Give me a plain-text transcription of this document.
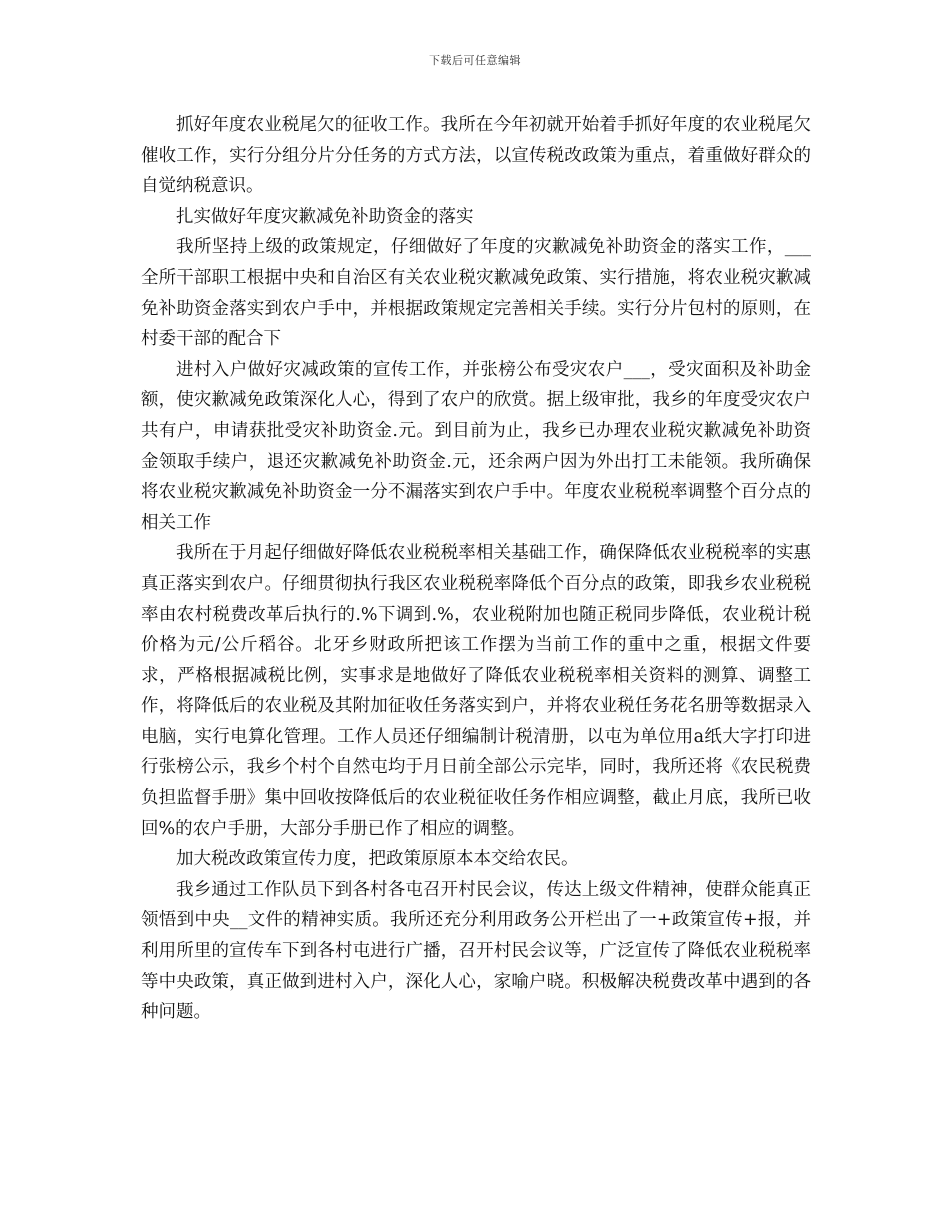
下载后可任意编辑

抓好年度农业税尾欠的征收工作。我所在今年初就开始着手抓好年度的农业税尾欠催收工作，实行分组分片分任务的方式方法，以宣传税改政策为重点，着重做好群众的自觉纳税意识。

扎实做好年度灾歉减免补助资金的落实

我所坚持上级的政策规定，仔细做好了年度的灾歉减免补助资金的落实工作，___全所干部职工根据中央和自治区有关农业税灾歉减免政策、实行措施，将农业税灾歉减免补助资金落实到农户手中，并根据政策规定完善相关手续。实行分片包村的原则，在村委干部的配合下

进村入户做好灾减政策的宣传工作，并张榜公布受灾农户___，受灾面积及补助金额，使灾歉减免政策深化人心，得到了农户的欣赏。据上级审批，我乡的年度受灾农户共有户，申请获批受灾补助资金.元。到目前为止，我乡已办理农业税灾歉减免补助资金领取手续户，退还灾歉减免补助资金.元，还余两户因为外出打工未能领。我所确保将农业税灾歉减免补助资金一分不漏落实到农户手中。年度农业税税率调整个百分点的相关工作

我所在于月起仔细做好降低农业税税率相关基础工作，确保降低农业税税率的实惠真正落实到农户。仔细贯彻执行我区农业税税率降低个百分点的政策，即我乡农业税税率由农村税费改革后执行的.%下调到.%，农业税附加也随正税同步降低，农业税计税价格为元/公斤稻谷。北牙乡财政所把该工作摆为当前工作的重中之重，根据文件要求，严格根据减税比例，实事求是地做好了降低农业税税率相关资料的测算、调整工作，将降低后的农业税及其附加征收任务落实到户，并将农业税任务花名册等数据录入电脑，实行电算化管理。工作人员还仔细编制计税清册，以屯为单位用a纸大字打印进行张榜公示，我乡个村个自然屯均于月日前全部公示完毕，同时，我所还将《农民税费负担监督手册》集中回收按降低后的农业税征收任务作相应调整，截止月底，我所已收回%的农户手册，大部分手册已作了相应的调整。

加大税改政策宣传力度，把政策原原本本交给农民。

我乡通过工作队员下到各村各屯召开村民会议，传达上级文件精神，使群众能真正领悟到中央__文件的精神实质。我所还充分利用政务公开栏出了一+政策宣传+报，并利用所里的宣传车下到各村屯进行广播，召开村民会议等，广泛宣传了降低农业税税率等中央政策，真正做到进村入户，深化人心，家喻户晓。积极解决税费改革中遇到的各种问题。
